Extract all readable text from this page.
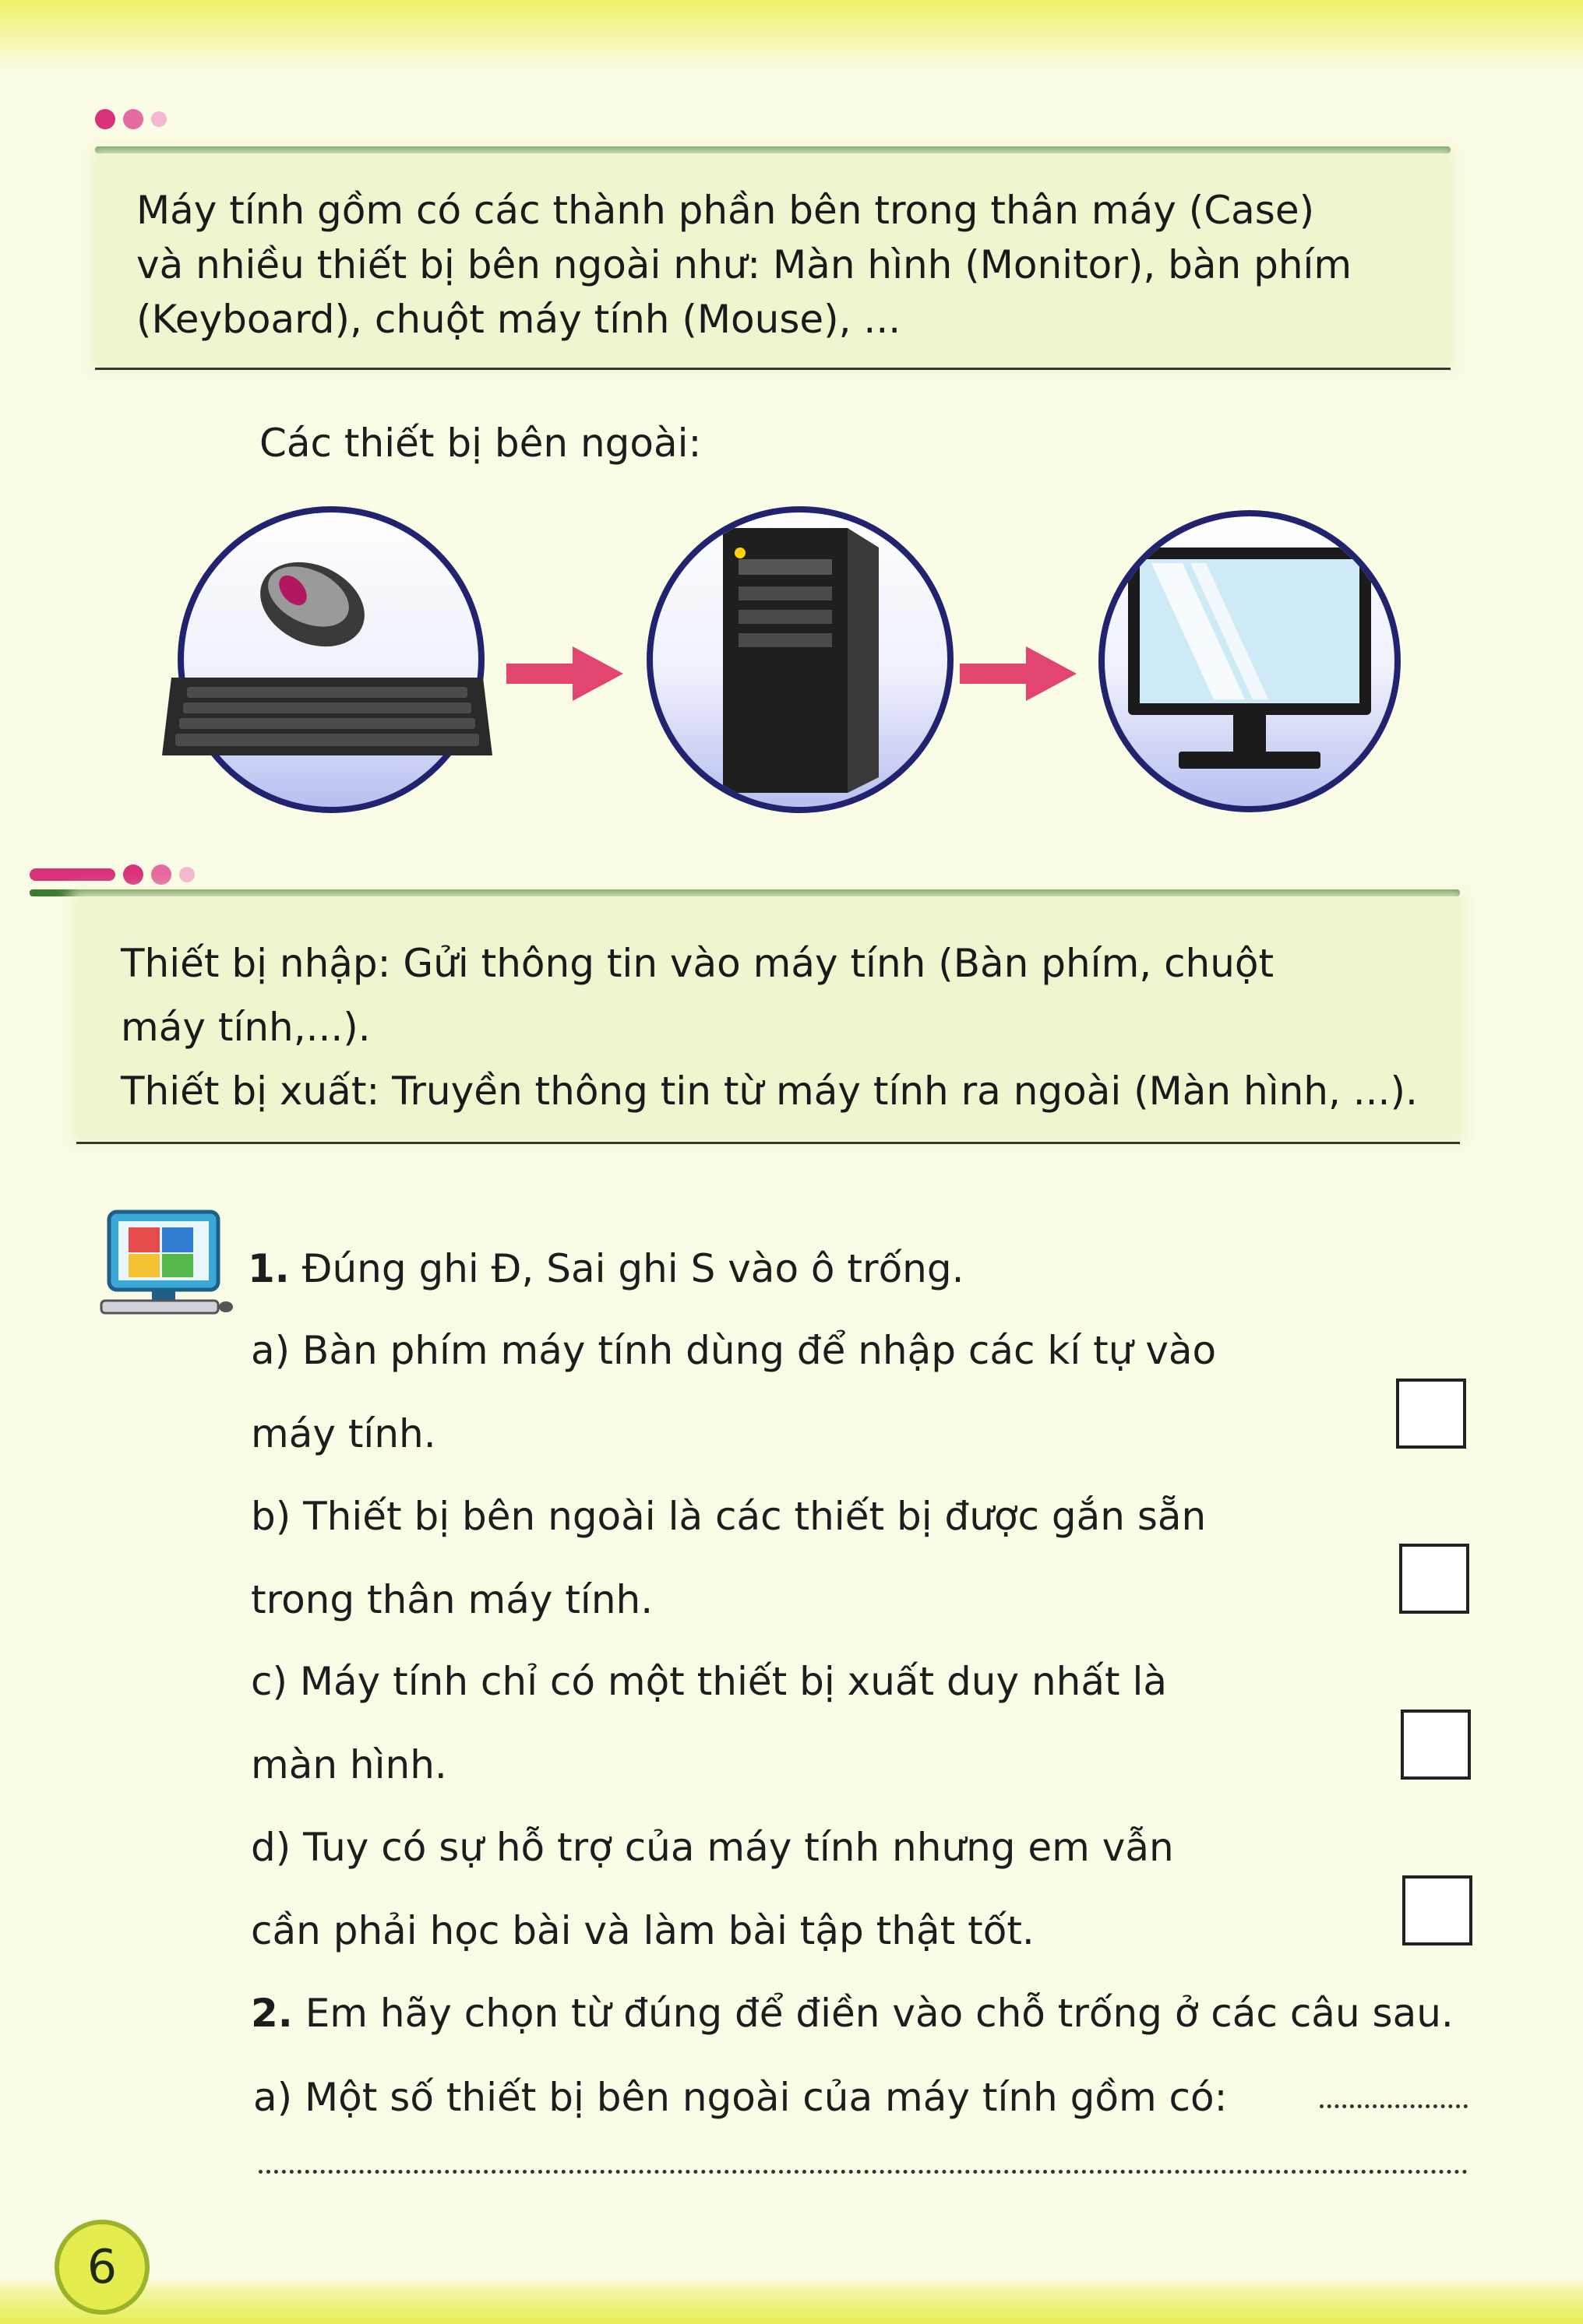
Máy tính gồm có các thành phần bên trong thân máy (Case)
và nhiều thiết bị bên ngoài như: Màn hình (Monitor), bàn phím
(Keyboard), chuột máy tính (Mouse), ...
Các thiết bị bên ngoài:
Thiết bị nhập: Gửi thông tin vào máy tính (Bàn phím, chuột
máy tính,...).
Thiết bị xuất: Truyền thông tin từ máy tính ra ngoài (Màn hình, ...).
1. Đúng ghi Đ, Sai ghi S vào ô trống.
a) Bàn phím máy tính dùng để nhập các kí tự vào
máy tính.
b) Thiết bị bên ngoài là các thiết bị được gắn sẵn
trong thân máy tính.
c) Máy tính chỉ có một thiết bị xuất duy nhất là
màn hình.
d) Tuy có sự hỗ trợ của máy tính nhưng em vẫn
cần phải học bài và làm bài tập thật tốt.
2. Em hãy chọn từ đúng để điền vào chỗ trống ở các câu sau.
a) Một số thiết bị bên ngoài của máy tính gồm có:
6
